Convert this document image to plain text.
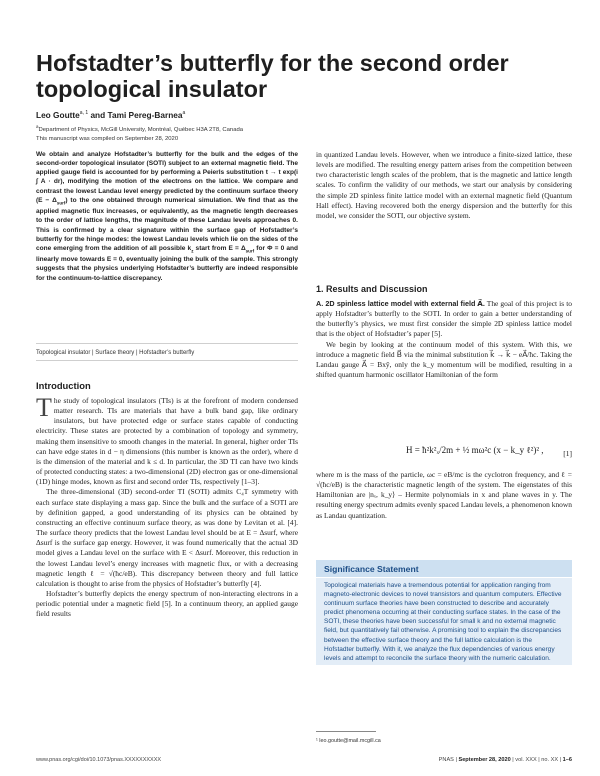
Hofstadter’s butterfly for the second order topological insulator
Leo Goutte$^{a, 1}$ and Tami Pereg-Barnea$^a$
$^a$Department of Physics, McGill University, Montréal, Québec H3A 2T8, Canada
This manuscript was compiled on September 28, 2020
We obtain and analyze Hofstadter’s butterfly for the bulk and the edges of the second-order topological insulator (SOTI) subject to an external magnetic field. The applied gauge field is accounted for by performing a Peierls substitution t → t exp(i ∫ A · dr), modifying the motion of the electrons on the lattice. We compare and contrast the lowest Landau level energy predicted by the continuum surface theory $(E - \Delta_{surf})$ to the one obtained through numerical simulation. We find that as the applied magnetic flux increases, or equivalently, as the magnetic length decreases to the order of lattice lengths, the magnitude of these Landau levels approaches 0. This is confirmed by a clear signature within the surface gap of Hofstadter’s butterfly for the hinge modes: the lowest Landau levels which lie on the sides of the cone emerging from the addition of all possible $k_z$ start from $E = \Delta_{surf}$ for Φ = 0 and linearly move towards E = 0, eventually joining the bulk of the sample. This strongly suggests that the physics underlying Hofstadter’s butterfly are indeed responsible for the continuum-to-lattice discrepancy.
Topological insulator | Surface theory | Hofstadter’s butterfly
Introduction

The study of topological insulators (TIs) is at the forefront of modern condensed matter research. TIs are materials that have a bulk band gap, like ordinary insulators, but have protected edge or surface states capable of conducting electricity. These states are protected by a combination of topology and symmetry, making them insensitive to smooth changes in the material. In general, higher order TIs can have edge states in d − η dimensions (this number is known as the order), where d is the dimension of the material and k ≤ d. In particular, the 3D TI can have two kinds of protected conducting states: a two-dimensional (2D) electron gas or one-dimensional (1D) hinge modes, known as first and second order TIs, respectively [1–3].

The three-dimensional (3D) second-order TI (SOTI) admits C₄T symmetry with each surface state displaying a mass gap. Since the bulk and the surface of a SOTI are by definition gapped, a good understanding of its physics can be obtained by constructing an effective continuum surface theory, as was done by Levitan et al. [4]. The surface theory predicts that the lowest Landau level should be at E = Δsurf, where Δsurf is the surface gap energy. However, it was found numerically that the actual 3D model gives a Landau level on the surface with E < Δsurf. Moreover, this reduction in the lowest Landau level’s energy increases with magnetic flux, or with a decreasing magnetic length ℓ = √(ħc/eB). This discrepancy between theory and full lattice calculation is thought to arise from the physics of Hofstadter’s butterfly [4].

Hofstadter’s butterfly depicts the energy spectrum of non-interacting electrons in a periodic potential under a magnetic field [5]. In a continuum theory, an applied gauge field results

in quantized Landau levels. However, when we introduce a finite-sized lattice, these levels are modified. The resulting energy pattern arises from the competition between two characteristic length scales of the problem, that is the magnetic and lattice length scales. To confirm the validity of our methods, we start our analysis by considering the simple 2D spinless finite lattice model with an external magnetic field (Quantum Hall effect). Having recovered both the energy dispersion and the butterfly for this model, we consider the SOTI, our objective system.

1. Results and Discussion

A. 2D spinless lattice model with external field A⃗. The goal of this project is to apply Hofstadter’s butterfly to the SOTI. In order to gain a better understanding of the butterfly’s physics, we must first consider the simple 2D spinless lattice model that is the object of Hofstadter’s paper [5].

We begin by looking at the continuum model of this system. With this, we introduce a magnetic field B⃗ via the minimal substitution k⃗ → k⃗ − eA⃗/ħc. Taking the Landau gauge A⃗ = Bxŷ, only the k_y momentum will be modified, resulting in a shifted quantum harmonic oscillator Hamiltonian of the form

H = ħ²k²ₓ/2m + ½ mω²c (x − k_y ℓ²)² ,	[1]
where m is the mass of the particle, ωc = eB/mc is the cyclotron frequency, and ℓ = √(ħc/eB) is the characteristic magnetic length of the system. The eigenstates of this Hamiltonian are |nₓ, k_y⟩ – Hermite polynomials in x and plane waves in y. The resulting energy spectrum admits evenly spaced Landau levels, a phenomenon known as Landau quantization.
Significance Statement
Topological materials have a tremendous potential for application ranging from magneto-electronic devices to novel transistors and quantum computers. Effective continuum surface theories have been constructed to describe and accurately predict phenomena occurring at their conducting surface states. In the case of the SOTI, these theories have been successful for small k and no external magnetic field, but quantitatively fail otherwise. A promising tool to explain the discrepancies between the effective surface theory and the full lattice calculation is the Hofstadter butterfly. With it, we analyze the flux dependencies of various energy levels and attempt to reconcile the surface theory with the numeric calculation.
¹ leo.goutte@mail.mcgill.ca
www.pnas.org/cgi/doi/10.1073/pnas.XXXXXXXXXX	PNAS | September 28, 2020 | vol. XXX | no. XX | 1–6
